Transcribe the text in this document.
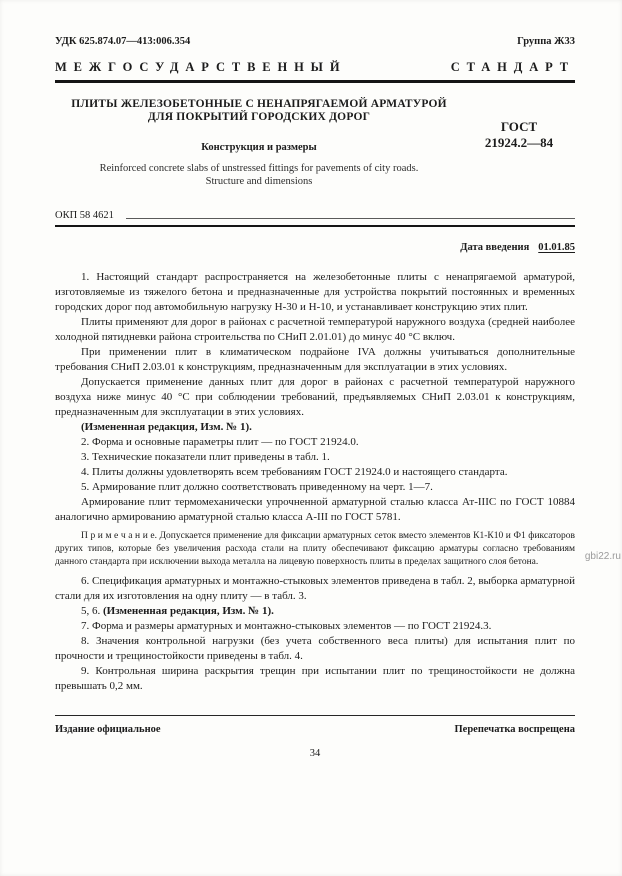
УДК 625.874.07—413:006.354	Группа Ж33
МЕЖГОСУДАРСТВЕННЫЙ	СТАНДАРТ
ПЛИТЫ ЖЕЛЕЗОБЕТОННЫЕ С НЕНАПРЯГАЕМОЙ АРМАТУРОЙ
ДЛЯ ПОКРЫТИЙ ГОРОДСКИХ ДОРОГ
Конструкция и размеры
Reinforced concrete slabs of unstressed fittings for pavements of city roads.
Structure and dimensions
ГОСТ
21924.2—84
ОКП 58 4621
Дата введения 01.01.85

1. Настоящий стандарт распространяется на железобетонные плиты с ненапрягаемой арматурой, изготовляемые из тяжелого бетона и предназначенные для устройства покрытий постоянных и временных городских дорог под автомобильную нагрузку Н-30 и Н-10, и устанавливает конструкцию этих плит.

Плиты применяют для дорог в районах с расчетной температурой наружного воздуха (средней наиболее холодной пятидневки района строительства по СНиП 2.01.01) до минус 40 °С включ.

При применении плит в климатическом подрайоне IVA должны учитываться дополнительные требования СНиП 2.03.01 к конструкциям, предназначенным для эксплуатации в этих условиях.

Допускается применение данных плит для дорог в районах с расчетной температурой наружного воздуха ниже минус 40 °С при соблюдении требований, предъявляемых СНиП 2.03.01 к конструкциям, предназначенным для эксплуатации в этих условиях.

(Измененная редакция, Изм. № 1).

2. Форма и основные параметры плит — по ГОСТ 21924.0.

3. Технические показатели плит приведены в табл. 1.

4. Плиты должны удовлетворять всем требованиям ГОСТ 21924.0 и настоящего стандарта.

5. Армирование плит должно соответствовать приведенному на черт. 1—7.

Армирование плит термомеханически упрочненной арматурной сталью класса Ат-IIIC по ГОСТ 10884 аналогично армированию арматурной сталью класса А-III по ГОСТ 5781.

П р и м е ч а н и е. Допускается применение для фиксации арматурных сеток вместо элементов К1-К10 и Ф1 фиксаторов других типов, которые без увеличения расхода стали на плиту обеспечивают фиксацию арматуры согласно требованиям данного стандарта при исключении выхода металла на лицевую поверхность плиты в пределах защитного слоя бетона.

6. Спецификация арматурных и монтажно-стыковых элементов приведена в табл. 2, выборка арматурной стали для их изготовления на одну плиту — в табл. 3.

5, 6. (Измененная редакция, Изм. № 1).

7. Форма и размеры арматурных и монтажно-стыковых элементов — по ГОСТ 21924.3.

8. Значения контрольной нагрузки (без учета собственного веса плиты) для испытания плит по прочности и трещиностойкости приведены в табл. 4.

9. Контрольная ширина раскрытия трещин при испытании плит по трещиностойкости не должна превышать 0,2 мм.

Издание официальное	Перепечатка воспрещена
34
gbi22.ru
